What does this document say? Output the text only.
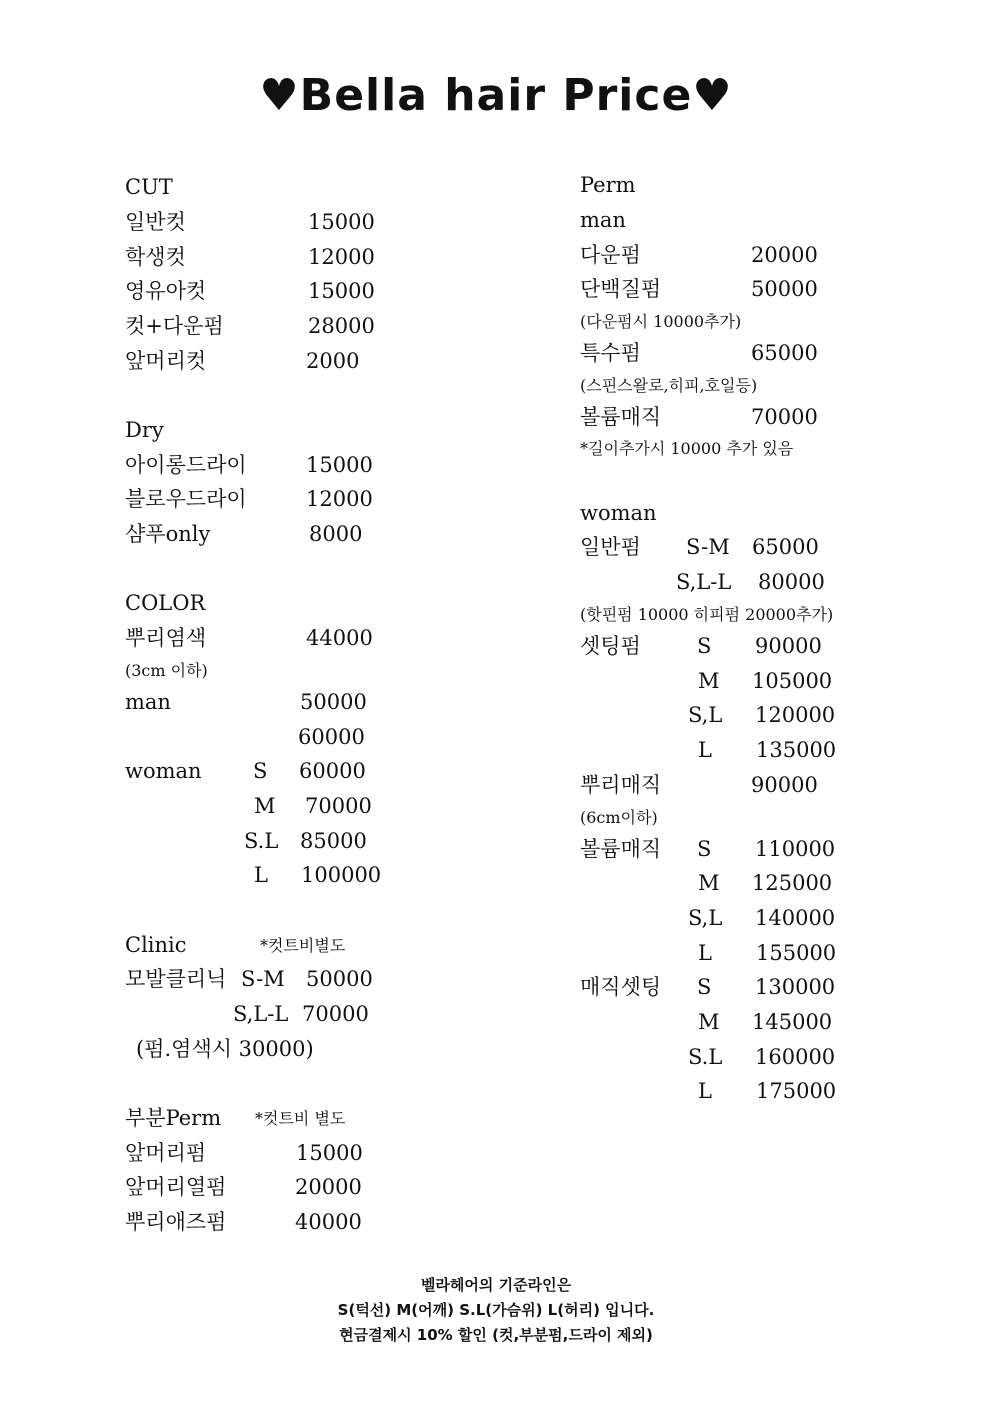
♥Bella hair Price♥
CUT
일반컷	15000
학생컷	12000
영유아컷	15000
컷+다운펌	28000
앞머리컷	2000
Dry
아이롱드라이	15000
블로우드라이	12000
샴푸only	8000
COLOR
뿌리염색	44000
(3cm 이하)
man	50000
60000
woman S 60000
M 70000
S.L 85000
L 100000
Clinic	*컷트비별도
모발클리닉 S-M 50000
S,L-L 70000
(펌.염색시 30000)
부분Perm *컷트비 별도
앞머리펌	15000
앞머리열펌	20000
뿌리애즈펌	40000
Perm
man
다운펌	20000
단백질펌	50000
(다운펌시 10000추가)
특수펌	65000
(스핀스왈로,히피,호일등)
볼륨매직	70000
*길이추가시 10000 추가 있음
woman
일반펌 S-M 65000
S,L-L 80000
(핫핀펌 10000 히피펌 20000추가)
셋팅펌	S 90000
M 105000
S,L 120000
L 135000
뿌리매직	90000
(6cm이하)
볼륨매직 S 110000
M 125000
S,L 140000
L 155000
매직셋팅 S 130000
M 145000
S.L 160000
L 175000
벨라헤어의 기준라인은
S(턱선) M(어깨) S.L(가슴위) L(허리) 입니다.
현금결제시 10% 할인 (컷,부분펌,드라이 제외)
